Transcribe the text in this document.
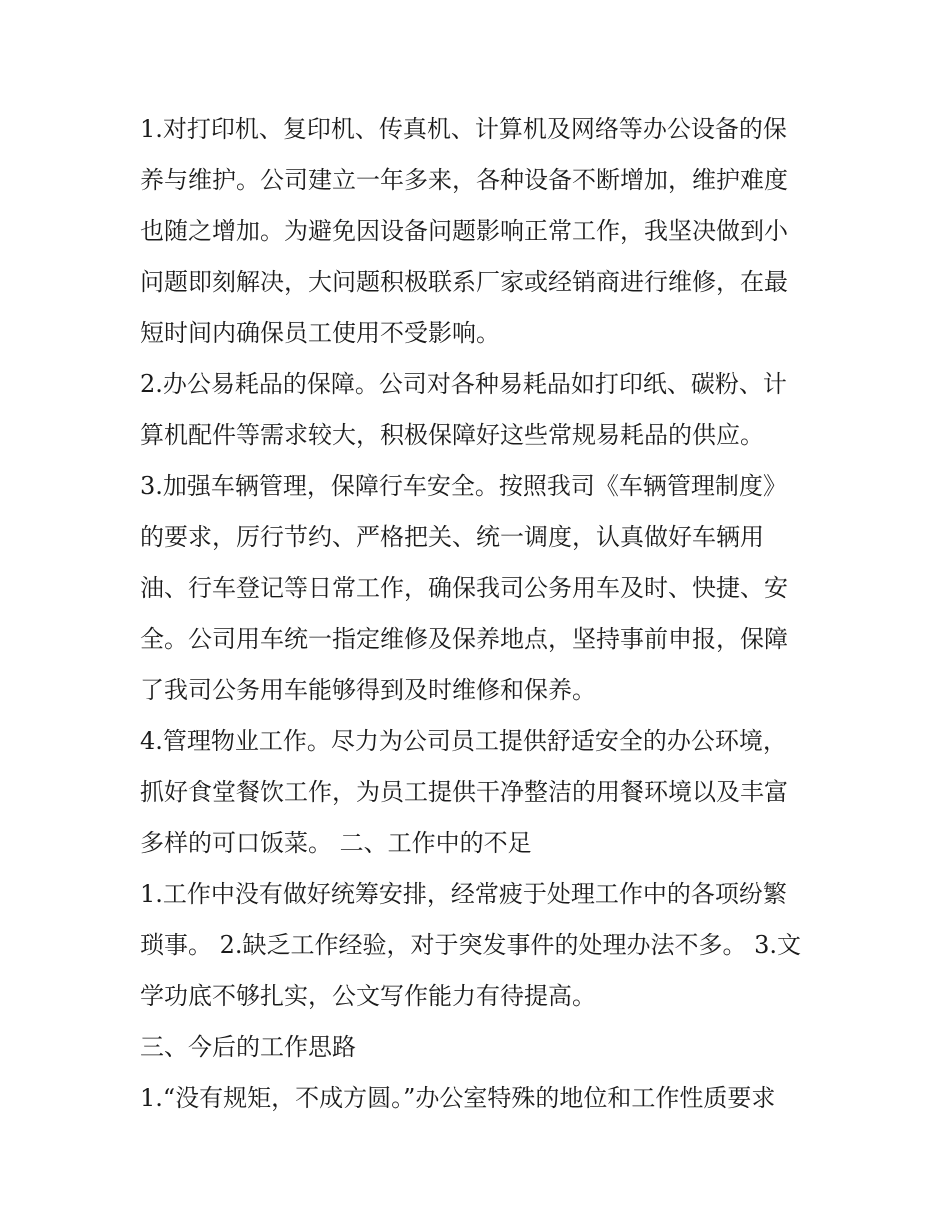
1.对打印机、复印机、传真机、计算机及网络等办公设备的保
养与维护。公司建立一年多来，各种设备不断增加，维护难度
也随之增加。为避免因设备问题影响正常工作，我坚决做到小
问题即刻解决，大问题积极联系厂家或经销商进行维修，在最
短时间内确保员工使用不受影响。
2.办公易耗品的保障。公司对各种易耗品如打印纸、碳粉、计
算机配件等需求较大，积极保障好这些常规易耗品的供应。
3.加强车辆管理，保障行车安全。按照我司《车辆管理制度》
的要求，厉行节约、严格把关、统一调度，认真做好车辆用
油、行车登记等日常工作，确保我司公务用车及时、快捷、安
全。公司用车统一指定维修及保养地点，坚持事前申报，保障
了我司公务用车能够得到及时维修和保养。
4.管理物业工作。尽力为公司员工提供舒适安全的办公环境，
抓好食堂餐饮工作，为员工提供干净整洁的用餐环境以及丰富
多样的可口饭菜。 二、工作中的不足
1.工作中没有做好统筹安排，经常疲于处理工作中的各项纷繁
琐事。 2.缺乏工作经验，对于突发事件的处理办法不多。 3.文
学功底不够扎实，公文写作能力有待提高。
三、今后的工作思路
1.“没有规矩，不成方圆。”办公室特殊的地位和工作性质要求
